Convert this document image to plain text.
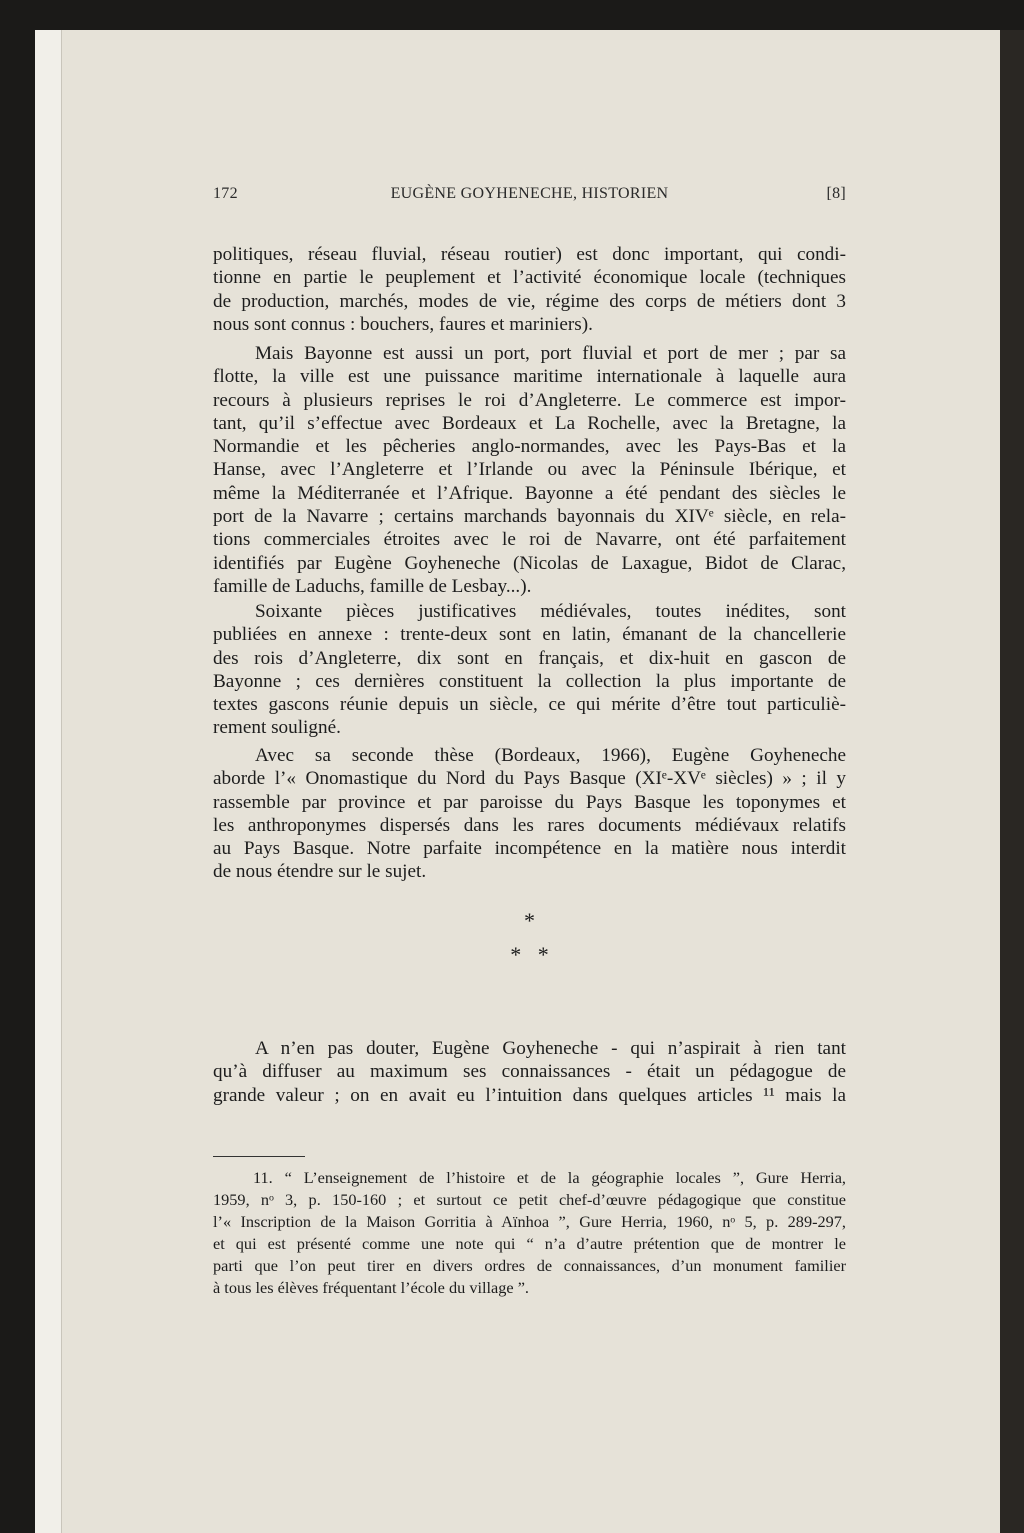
172	EUGÈNE GOYHENECHE, HISTORIEN	[8]
politiques, réseau fluvial, réseau routier) est donc important, qui condi-
tionne en partie le peuplement et l’activité économique locale (techniques
de production, marchés, modes de vie, régime des corps de métiers dont 3
nous sont connus : bouchers, faures et mariniers).
Mais Bayonne est aussi un port, port fluvial et port de mer ; par sa
flotte, la ville est une puissance maritime internationale à laquelle aura
recours à plusieurs reprises le roi d’Angleterre. Le commerce est impor-
tant, qu’il s’effectue avec Bordeaux et La Rochelle, avec la Bretagne, la
Normandie et les pêcheries anglo-normandes, avec les Pays-Bas et la
Hanse, avec l’Angleterre et l’Irlande ou avec la Péninsule Ibérique, et
même la Méditerranée et l’Afrique. Bayonne a été pendant des siècles le
port de la Navarre ; certains marchands bayonnais du XIVᵉ siècle, en rela-
tions commerciales étroites avec le roi de Navarre, ont été parfaitement
identifiés par Eugène Goyheneche (Nicolas de Laxague, Bidot de Clarac,
famille de Laduchs, famille de Lesbay...).
Soixante pièces justificatives médiévales, toutes inédites, sont
publiées en annexe : trente-deux sont en latin, émanant de la chancellerie
des rois d’Angleterre, dix sont en français, et dix-huit en gascon de
Bayonne ; ces dernières constituent la collection la plus importante de
textes gascons réunie depuis un siècle, ce qui mérite d’être tout particuliè-
rement souligné.
Avec sa seconde thèse (Bordeaux, 1966), Eugène Goyheneche
aborde l’« Onomastique du Nord du Pays Basque (XIᵉ-XVᵉ siècles) » ; il y
rassemble par province et par paroisse du Pays Basque les toponymes et
les anthroponymes dispersés dans les rares documents médiévaux relatifs
au Pays Basque. Notre parfaite incompétence en la matière nous interdit
de nous étendre sur le sujet.
*
*   *
A n’en pas douter, Eugène Goyheneche - qui n’aspirait à rien tant
qu’à diffuser au maximum ses connaissances - était un pédagogue de
grande valeur ; on en avait eu l’intuition dans quelques articles ¹¹ mais la
11. “ L’enseignement de l’histoire et de la géographie locales ”, Gure Herria,
1959, nᵒ 3, p. 150-160 ; et surtout ce petit chef-d’œuvre pédagogique que constitue
l’« Inscription de la Maison Gorritia à Aïnhoa ”, Gure Herria, 1960, nᵒ 5, p. 289-297,
et qui est présenté comme une note qui “ n’a d’autre prétention que de montrer le
parti que l’on peut tirer en divers ordres de connaissances, d’un monument familier
à tous les élèves fréquentant l’école du village ”.
